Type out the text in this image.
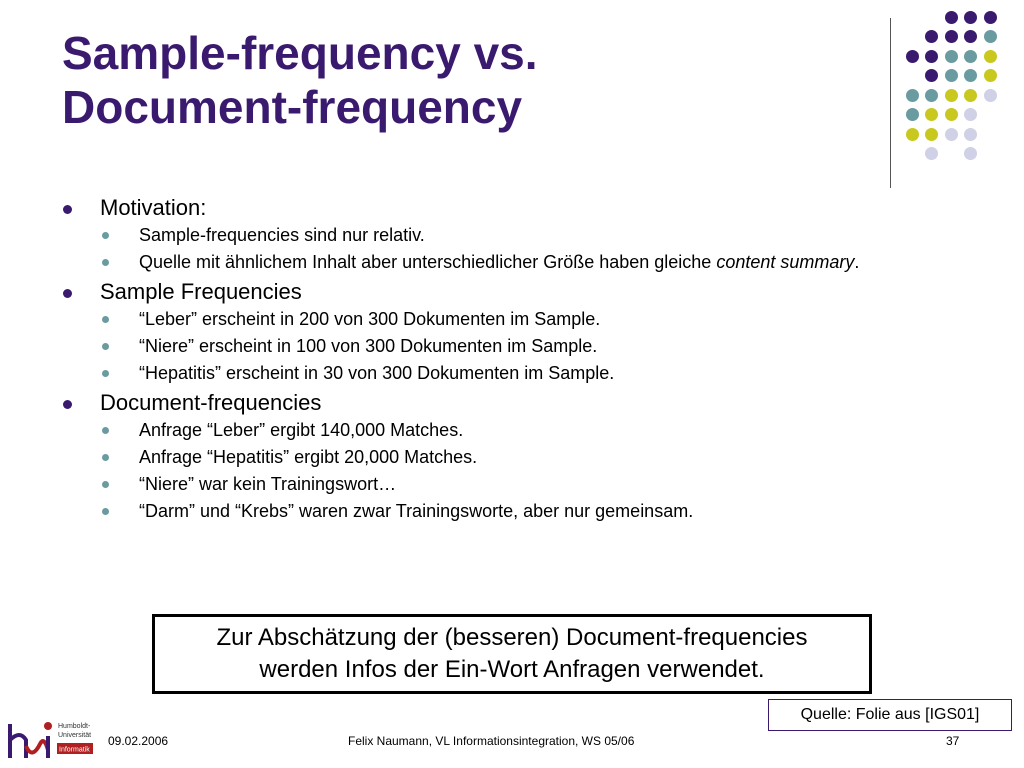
Sample-frequency vs.
Document-frequency
Motivation:
Sample-frequencies sind nur relativ.
Quelle mit ähnlichem Inhalt aber unterschiedlicher Größe haben gleiche content summary.
Sample Frequencies
“Leber” erscheint in 200 von 300 Dokumenten im Sample.
“Niere” erscheint in 100 von 300 Dokumenten im Sample.
“Hepatitis” erscheint in 30 von 300 Dokumenten im Sample.
Document-frequencies
Anfrage “Leber” ergibt 140,000 Matches.
Anfrage “Hepatitis” ergibt 20,000 Matches.
“Niere” war kein Trainingswort…
“Darm” und “Krebs” waren zwar Trainingsworte, aber nur gemeinsam.
Zur Abschätzung der (besseren) Document-frequencies
werden Infos der Ein-Wort Anfragen verwendet.
Quelle: Folie aus [IGS01]
Humboldt-
Universität
Informatik
09.02.2006	Felix Naumann, VL Informationsintegration, WS 05/06	37
